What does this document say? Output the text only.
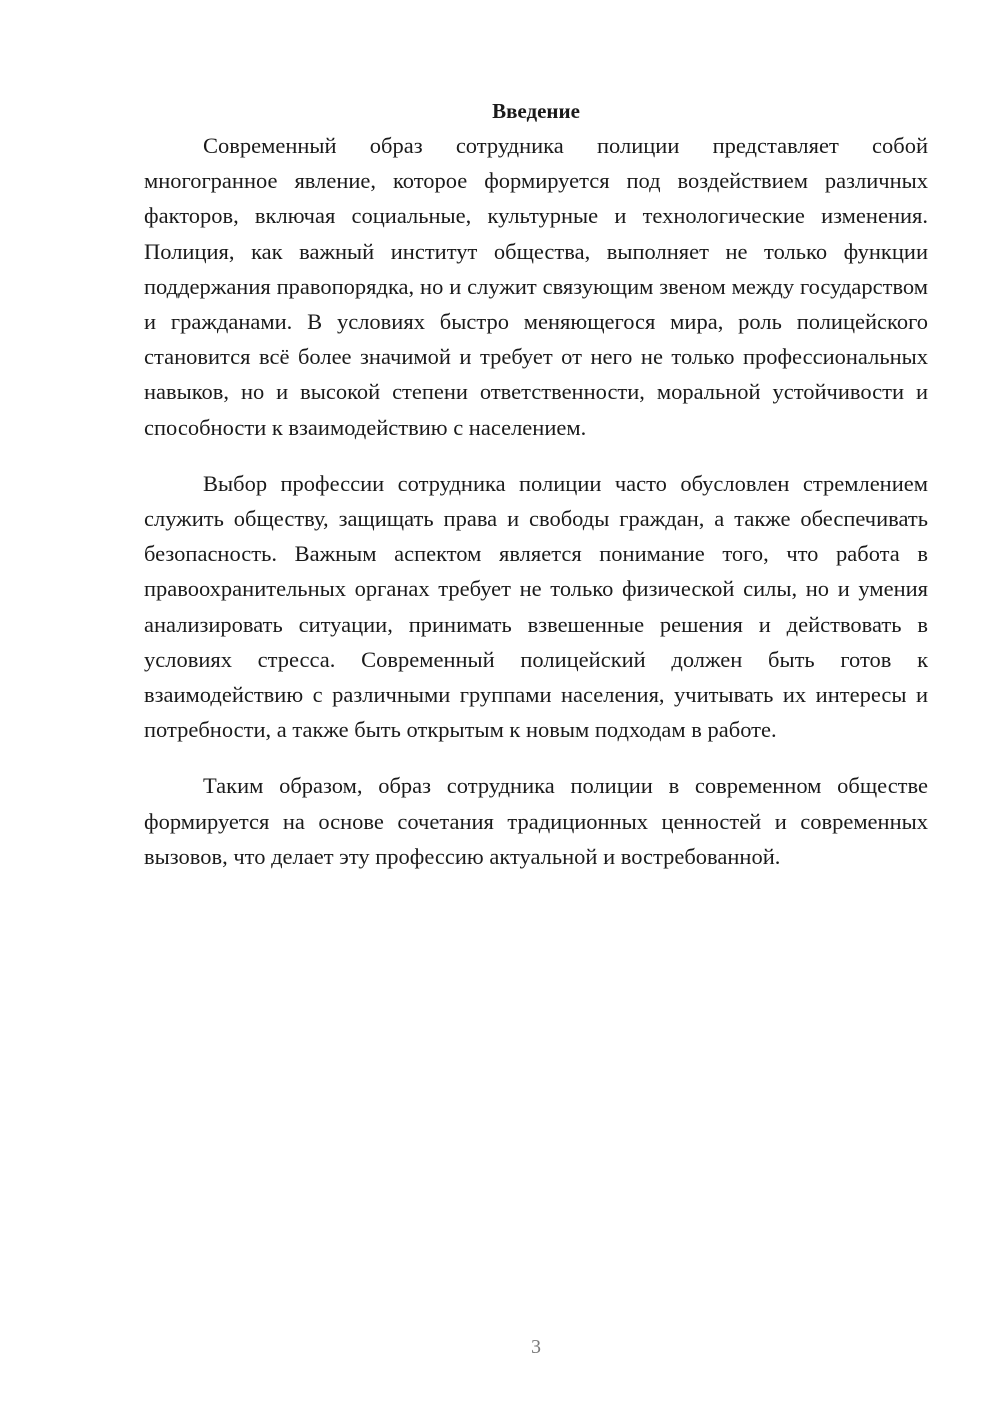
Введение

Современный образ сотрудника полиции представляет собой многогранное явление, которое формируется под воздействием различных факторов, включая социальные, культурные и технологические изменения. Полиция, как важный институт общества, выполняет не только функции поддержания правопорядка, но и служит связующим звеном между государством и гражданами. В условиях быстро меняющегося мира, роль полицейского становится всё более значимой и требует от него не только профессиональных навыков, но и высокой степени ответственности, моральной устойчивости и способности к взаимодействию с населением.

Выбор профессии сотрудника полиции часто обусловлен стремлением служить обществу, защищать права и свободы граждан, а также обеспечивать безопасность. Важным аспектом является понимание того, что работа в правоохранительных органах требует не только физической силы, но и умения анализировать ситуации, принимать взвешенные решения и действовать в условиях стресса. Современный полицейский должен быть готов к взаимодействию с различными группами населения, учитывать их интересы и потребности, а также быть открытым к новым подходам в работе.

Таким образом, образ сотрудника полиции в современном обществе формируется на основе сочетания традиционных ценностей и современных вызовов, что делает эту профессию актуальной и востребованной.

3
